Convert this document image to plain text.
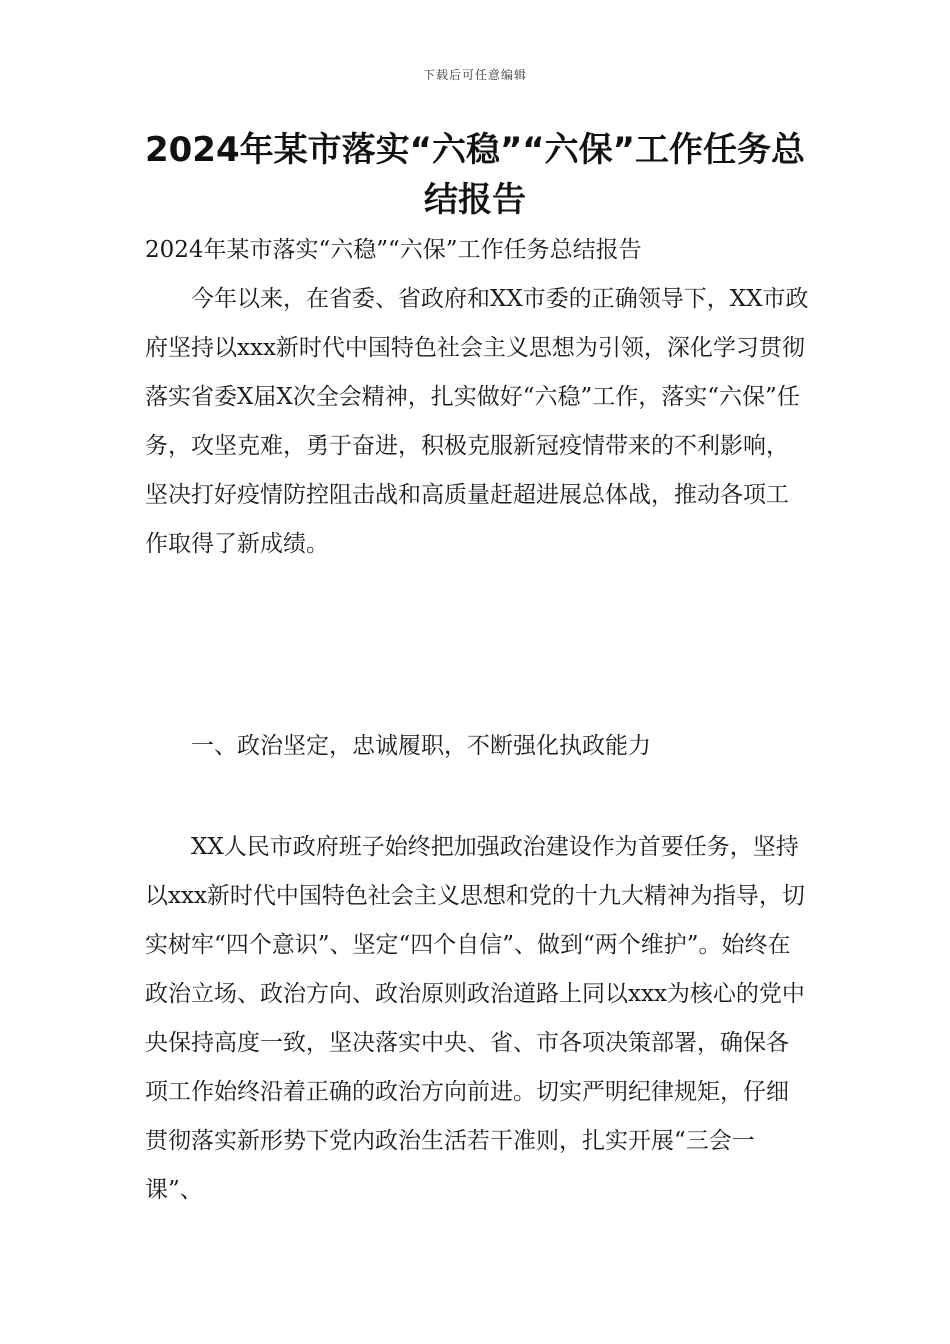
下载后可任意编辑
2024年某市落实“六稳”“六保”工作任务总结报告

2024年某市落实“六稳”“六保”工作任务总结报告

今年以来，在省委、省政府和XX市委的正确领导下，XX市政府坚持以xxx新时代中国特色社会主义思想为引领，深化学习贯彻落实省委X届X次全会精神，扎实做好“六稳”工作，落实“六保”任务，攻坚克难，勇于奋进，积极克服新冠疫情带来的不利影响，坚决打好疫情防控阻击战和高质量赶超进展总体战，推动各项工作取得了新成绩。

一、政治坚定，忠诚履职，不断强化执政能力

XX人民市政府班子始终把加强政治建设作为首要任务，坚持以xxx新时代中国特色社会主义思想和党的十九大精神为指导，切实树牢“四个意识”、坚定“四个自信”、做到“两个维护”。始终在政治立场、政治方向、政治原则政治道路上同以xxx为核心的党中央保持高度一致，坚决落实中央、省、市各项决策部署，确保各项工作始终沿着正确的政治方向前进。切实严明纪律规矩，仔细贯彻落实新形势下党内政治生活若干准则，扎实开展“三会一课”、
